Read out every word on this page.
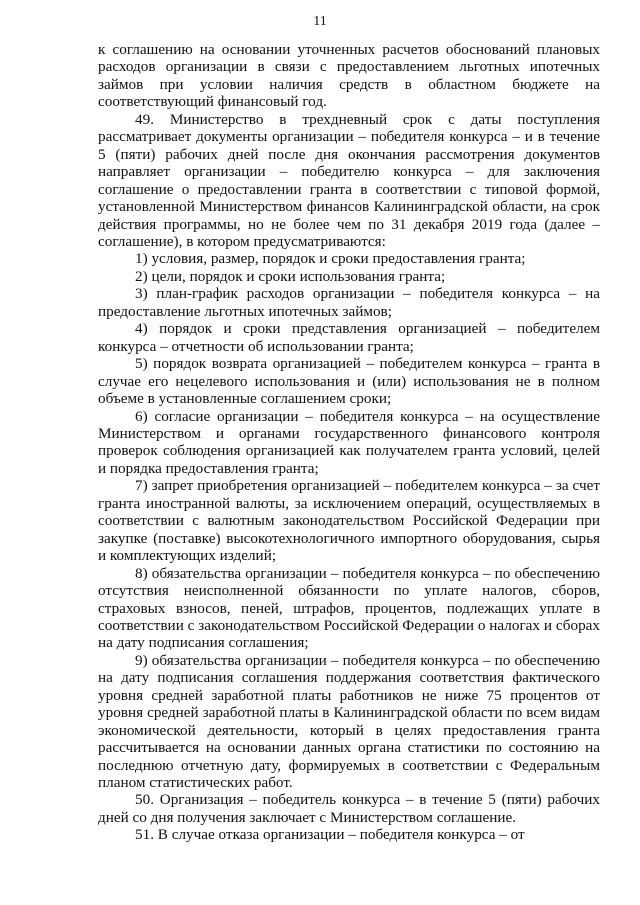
11

к соглашению на основании уточненных расчетов обоснований плановых расходов организации в связи с предоставлением льготных ипотечных займов при условии наличия средств в областном бюджете на соответствующий финансовый год.

49. Министерство в трехдневный срок с даты поступления рассматривает документы организации – победителя конкурса – и в течение 5 (пяти) рабочих дней после дня окончания рассмотрения документов направляет организации – победителю конкурса – для заключения соглашение о предоставлении гранта в соответствии с типовой формой, установленной Министерством финансов Калининградской области, на срок действия программы, но не более чем по 31 декабря 2019 года (далее – соглашение), в котором предусматриваются:

1) условия, размер, порядок и сроки предоставления гранта;

2) цели, порядок и сроки использования гранта;

3) план-график расходов организации – победителя конкурса – на предоставление льготных ипотечных займов;

4) порядок и сроки представления организацией – победителем конкурса – отчетности об использовании гранта;

5) порядок возврата организацией – победителем конкурса – гранта в случае его нецелевого использования и (или) использования не в полном объеме в установленные соглашением сроки;

6) согласие организации – победителя конкурса – на осуществление Министерством и органами государственного финансового контроля проверок соблюдения организацией как получателем гранта условий, целей и порядка предоставления гранта;

7) запрет приобретения организацией – победителем конкурса – за счет гранта иностранной валюты, за исключением операций, осуществляемых в соответствии с валютным законодательством Российской Федерации при закупке (поставке) высокотехнологичного импортного оборудования, сырья и комплектующих изделий;

8) обязательства организации – победителя конкурса – по обеспечению отсутствия неисполненной обязанности по уплате налогов, сборов, страховых взносов, пеней, штрафов, процентов, подлежащих уплате в соответствии с законодательством Российской Федерации о налогах и сборах на дату подписания соглашения;

9) обязательства организации – победителя конкурса – по обеспечению на дату подписания соглашения поддержания соответствия фактического уровня средней заработной платы работников не ниже 75 процентов от уровня средней заработной платы в Калининградской области по всем видам экономической деятельности, который в целях предоставления гранта рассчитывается на основании данных органа статистики по состоянию на последнюю отчетную дату, формируемых в соответствии с Федеральным планом статистических работ.

50. Организация – победитель конкурса – в течение 5 (пяти) рабочих дней со дня получения заключает с Министерством соглашение.

51. В случае отказа организации – победителя конкурса – от
